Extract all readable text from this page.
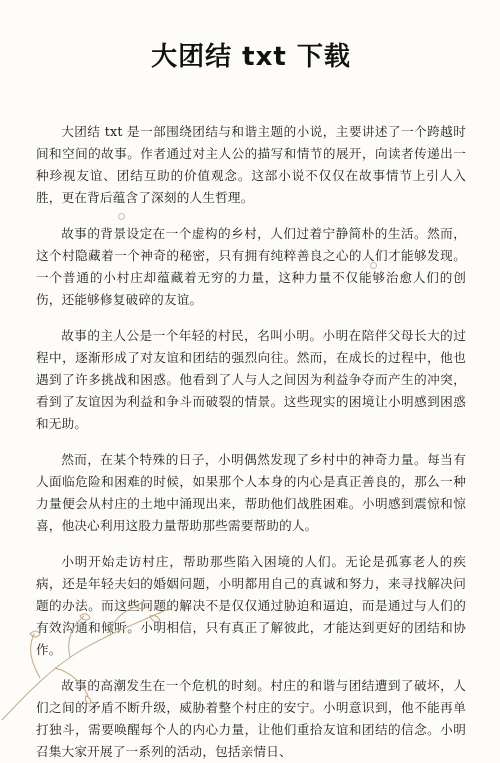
大团结 txt 下载

大团结 txt 是一部围绕团结与和谐主题的小说，主要讲述了一个跨越时间和空间的故事。作者通过对主人公的描写和情节的展开，向读者传递出一种珍视友谊、团结互助的价值观念。这部小说不仅仅在故事情节上引人入胜，更在背后蕴含了深刻的人生哲理。

故事的背景设定在一个虚构的乡村，人们过着宁静简朴的生活。然而，这个村隐藏着一个神奇的秘密，只有拥有纯粹善良之心的人们才能够发现。一个普通的小村庄却蕴藏着无穷的力量，这种力量不仅能够治愈人们的创伤，还能够修复破碎的友谊。

故事的主人公是一个年轻的村民，名叫小明。小明在陪伴父母长大的过程中，逐渐形成了对友谊和团结的强烈向往。然而，在成长的过程中，他也遇到了许多挑战和困惑。他看到了人与人之间因为利益争夺而产生的冲突，看到了友谊因为利益和争斗而破裂的情景。这些现实的困境让小明感到困惑和无助。

然而，在某个特殊的日子，小明偶然发现了乡村中的神奇力量。每当有人面临危险和困难的时候，如果那个人本身的内心是真正善良的，那么一种力量便会从村庄的土地中涌现出来，帮助他们战胜困难。小明感到震惊和惊喜，他决心利用这股力量帮助那些需要帮助的人。

小明开始走访村庄，帮助那些陷入困境的人们。无论是孤寡老人的疾病，还是年轻夫妇的婚姻问题，小明都用自己的真诚和努力，来寻找解决问题的办法。而这些问题的解决不是仅仅通过胁迫和逼迫，而是通过与人们的有效沟通和倾听。小明相信，只有真正了解彼此，才能达到更好的团结和协作。

故事的高潮发生在一个危机的时刻。村庄的和谐与团结遭到了破坏，人们之间的矛盾不断升级，威胁着整个村庄的安宁。小明意识到，他不能再单打独斗，需要唤醒每个人的内心力量，让他们重拾友谊和团结的信念。小明召集大家开展了一系列的活动，包括亲情日、
